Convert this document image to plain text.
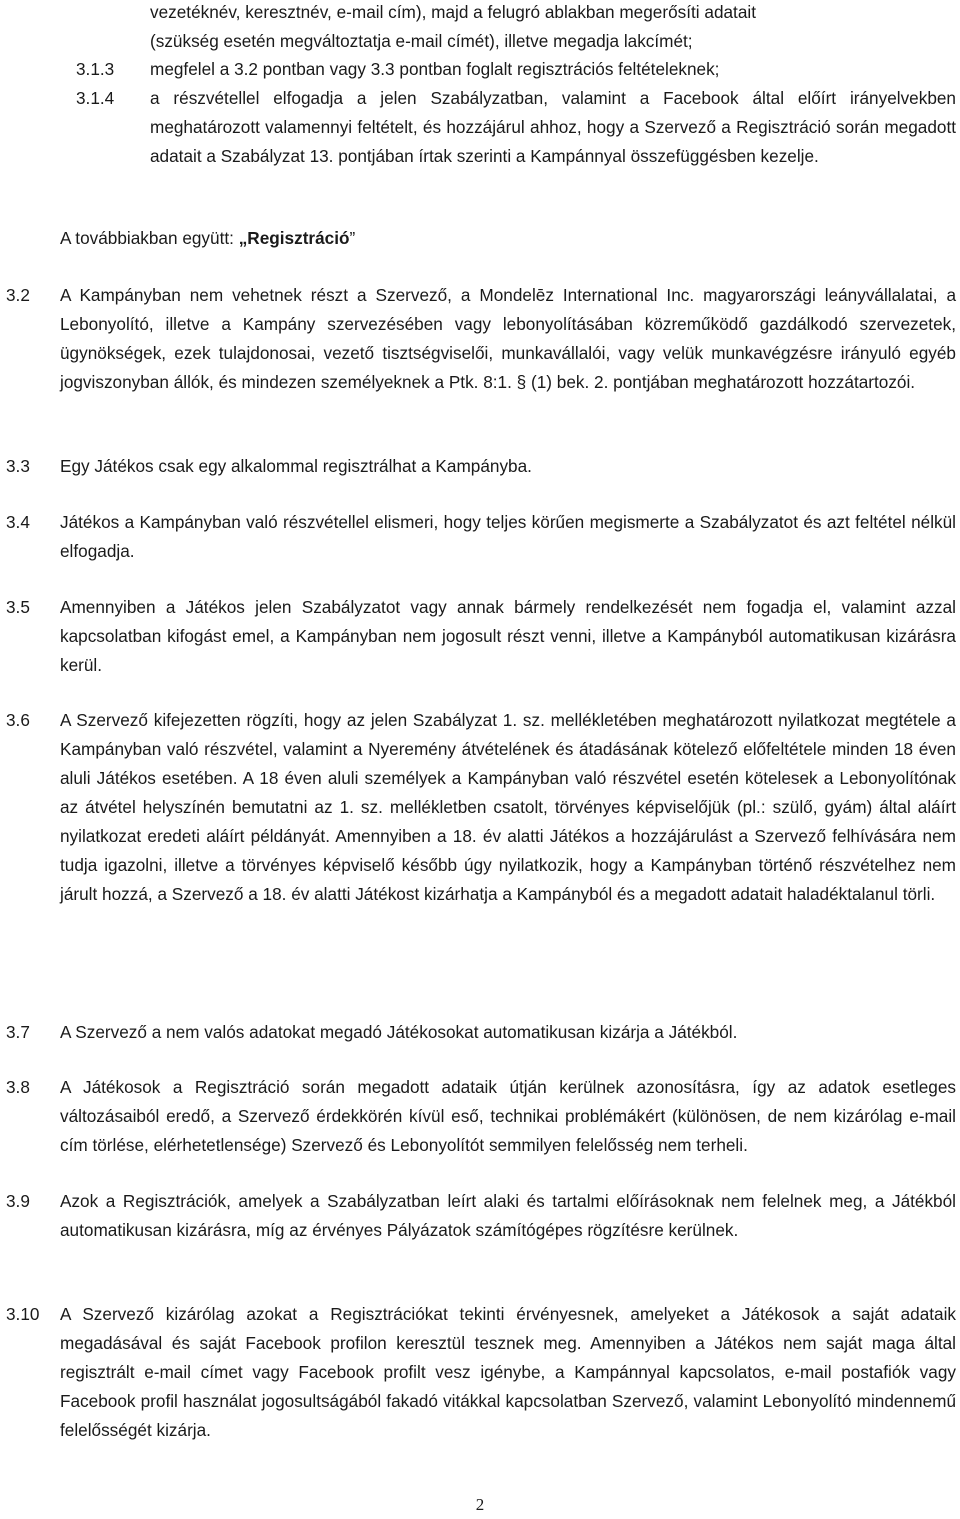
vezetéknév, keresztnév, e-mail cím), majd a felugró ablakban megerősíti adatait
(szükség esetén megváltoztatja e-mail címét), illetve megadja lakcímét;
3.1.3 megfelel a 3.2 pontban vagy 3.3 pontban foglalt regisztrációs feltételeknek;
3.1.4 a részvétellel elfogadja a jelen Szabályzatban, valamint a Facebook által előírt irányelvekben meghatározott valamennyi feltételt, és hozzájárul ahhoz, hogy a Szervező a Regisztráció során megadott adatait a Szabályzat 13. pontjában írtak szerinti a Kampánnyal összefüggésben kezelje.
A továbbiakban együtt: „Regisztráció”
3.2 A Kampányban nem vehetnek részt a Szervező, a Mondelēz International Inc. magyarországi leányvállalatai, a Lebonyolító, illetve a Kampány szervezésében vagy lebonyolításában közreműködő gazdálkodó szervezetek, ügynökségek, ezek tulajdonosai, vezető tisztségviselői, munkavállalói, vagy velük munkavégzésre irányuló egyéb jogviszonyban állók, és mindezen személyeknek a Ptk. 8:1. § (1) bek. 2. pontjában meghatározott hozzátartozói.
3.3 Egy Játékos csak egy alkalommal regisztrálhat a Kampányba.
3.4 Játékos a Kampányban való részvétellel elismeri, hogy teljes körűen megismerte a Szabályzatot és azt feltétel nélkül elfogadja.
3.5 Amennyiben a Játékos jelen Szabályzatot vagy annak bármely rendelkezését nem fogadja el, valamint azzal kapcsolatban kifogást emel, a Kampányban nem jogosult részt venni, illetve a Kampányból automatikusan kizárásra kerül.
3.6 A Szervező kifejezetten rögzíti, hogy az jelen Szabályzat 1. sz. mellékletében meghatározott nyilatkozat megtétele a Kampányban való részvétel, valamint a Nyeremény átvételének és átadásának kötelező előfeltétele minden 18 éven aluli Játékos esetében. A 18 éven aluli személyek a Kampányban való részvétel esetén kötelesek a Lebonyolítónak az átvétel helyszínén bemutatni az 1. sz. mellékletben csatolt, törvényes képviselőjük (pl.: szülő, gyám) által aláírt nyilatkozat eredeti aláírt példányát. Amennyiben a 18. év alatti Játékos a hozzájárulást a Szervező felhívására nem tudja igazolni, illetve a törvényes képviselő később úgy nyilatkozik, hogy a Kampányban történő részvételhez nem járult hozzá, a Szervező a 18. év alatti Játékost kizárhatja a Kampányból és a megadott adatait haladéktalanul törli.
3.7 A Szervező a nem valós adatokat megadó Játékosokat automatikusan kizárja a Játékból.
3.8 A Játékosok a Regisztráció során megadott adataik útján kerülnek azonosításra, így az adatok esetleges változásaiból eredő, a Szervező érdekkörén kívül eső, technikai problémákért (különösen, de nem kizárólag e-mail cím törlése, elérhetetlensége) Szervező és Lebonyolítót semmilyen felelősség nem terheli.
3.9 Azok a Regisztrációk, amelyek a Szabályzatban leírt alaki és tartalmi előírásoknak nem felelnek meg, a Játékból automatikusan kizárásra, míg az érvényes Pályázatok számítógépes rögzítésre kerülnek.
3.10 A Szervező kizárólag azokat a Regisztrációkat tekinti érvényesnek, amelyeket a Játékosok a saját adataik megadásával és saját Facebook profilon keresztül tesznek meg. Amennyiben a Játékos nem saját maga által regisztrált e-mail címet vagy Facebook profilt vesz igénybe, a Kampánnyal kapcsolatos, e-mail postafiók vagy Facebook profil használat jogosultságából fakadó vitákkal kapcsolatban Szervező, valamint Lebonyolító mindennemű felelősségét kizárja.
2
